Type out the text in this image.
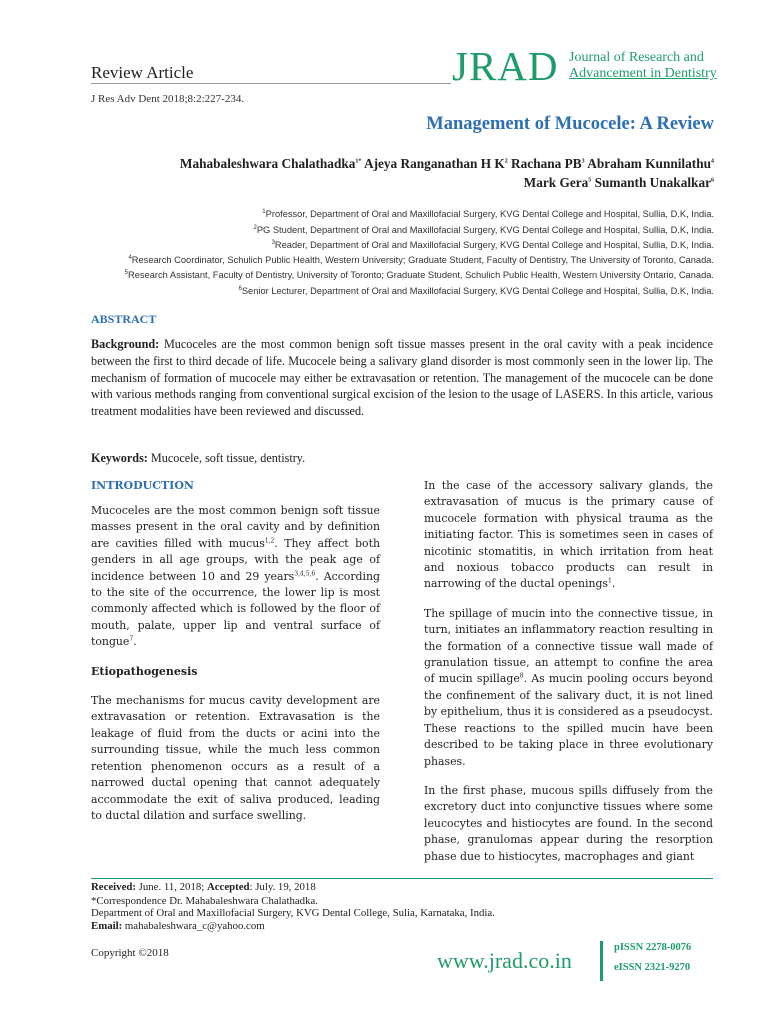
Review Article	JRAD Journal of Research and
Advancement in Dentistry
J Res Adv Dent 2018;8:2:227-234.
Management of Mucocele: A Review
Mahabaleshwara Chalathadka$^{1*}$ Ajeya Ranganathan H $K^2$ Rachana $PB^3$ Abraham Kunnilathu$^4$
Mark Gera$^5$ Sumanth Unakalkar$^6$
$^1$Professor, Department of Oral and Maxillofacial Surgery, KVG Dental College and Hospital, Sullia, D.K, India.
$^2$PG Student, Department of Oral and Maxillofacial Surgery, KVG Dental College and Hospital, Sullia, D.K, India.
$^3$Reader, Department of Oral and Maxillofacial Surgery, KVG Dental College and Hospital, Sullia, D.K, India.
$^4$Research Coordinator, Schulich Public Health, Western University; Graduate Student, Faculty of Dentistry, The University of Toronto, Canada.
$^5$Research Assistant, Faculty of Dentistry, University of Toronto; Graduate Student, Schulich Public Health, Western University Ontario, Canada.
$^6$Senior Lecturer, Department of Oral and Maxillofacial Surgery, KVG Dental College and Hospital, Sullia, D.K, India.
ABSTRACT
Background: Mucoceles are the most common benign soft tissue masses present in the oral cavity with a peak incidence between the first to third decade of life. Mucocele being a salivary gland disorder is most commonly seen in the lower lip. The mechanism of formation of mucocele may either be extravasation or retention. The management of the mucocele can be done with various methods ranging from conventional surgical excision of the lesion to the usage of LASERS. In this article, various treatment modalities have been reviewed and discussed.
Keywords: Mucocele, soft tissue, dentistry.
INTRODUCTION

Mucoceles are the most common benign soft tissue masses present in the oral cavity and by definition are cavities filled with mucus$^{1,2}$. They affect both genders in all age groups, with the peak age of incidence between 10 and 29 years$^{3,4,5,6}$. According to the site of the occurrence, the lower lip is most commonly affected which is followed by the floor of mouth, palate, upper lip and ventral surface of tongue$^7$.

Etiopathogenesis

The mechanisms for mucus cavity development are extravasation or retention. Extravasation is the leakage of fluid from the ducts or acini into the surrounding tissue, while the much less common retention phenomenon occurs as a result of a narrowed ductal opening that cannot adequately accommodate the exit of saliva produced, leading to ductal dilation and surface swelling.

In the case of the accessory salivary glands, the extravasation of mucus is the primary cause of mucocele formation with physical trauma as the initiating factor. This is sometimes seen in cases of nicotinic stomatitis, in which irritation from heat and noxious tobacco products can result in narrowing of the ductal openings$^1$.

The spillage of mucin into the connective tissue, in turn, initiates an inflammatory reaction resulting in the formation of a connective tissue wall made of granulation tissue, an attempt to confine the area of mucin spillage$^8$. As mucin pooling occurs beyond the confinement of the salivary duct, it is not lined by epithelium, thus it is considered as a pseudocyst. These reactions to the spilled mucin have been described to be taking place in three evolutionary phases.

In the first phase, mucous spills diffusely from the excretory duct into conjunctive tissues where some leucocytes and histiocytes are found. In the second phase, granulomas appear during the resorption phase due to histiocytes, macrophages and giant

Received: June. 11, 2018; Accepted: July. 19, 2018
*Correspondence Dr. Mahabaleshwara Chalathadka.
Department of Oral and Maxillofacial Surgery, KVG Dental College, Sulia, Karnataka, India.
Email: mahabaleshwara_c@yahoo.com
Copyright ©2018	www.jrad.co.in
pISSN 2278-0076
eISSN 2321-9270
